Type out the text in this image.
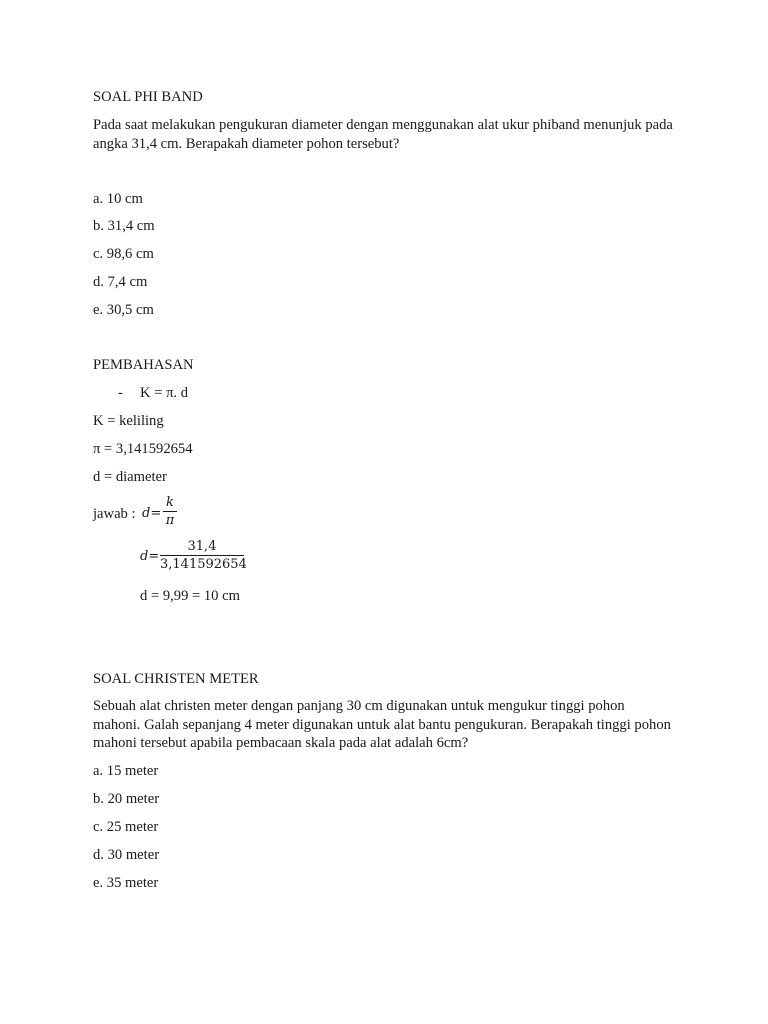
SOAL PHI BAND
Pada saat melakukan pengukuran diameter dengan menggunakan alat ukur phiband menunjuk pada angka 31,4 cm. Berapakah diameter pohon tersebut?
a. 10 cm
b. 31,4 cm
c. 98,6 cm
d. 7,4 cm
e. 30,5 cm
PEMBAHASAN
- K = π. d
K = keliling
π = 3,141592654
d = diameter
jawab : d=
k
π
d=
31,4
3,141592654
d = 9,99 = 10 cm
SOAL CHRISTEN METER
Sebuah alat christen meter dengan panjang 30 cm digunakan untuk mengukur tinggi pohon mahoni. Galah sepanjang 4 meter digunakan untuk alat bantu pengukuran. Berapakah tinggi pohon mahoni tersebut apabila pembacaan skala pada alat adalah 6cm?
a. 15 meter
b. 20 meter
c. 25 meter
d. 30 meter
e. 35 meter
